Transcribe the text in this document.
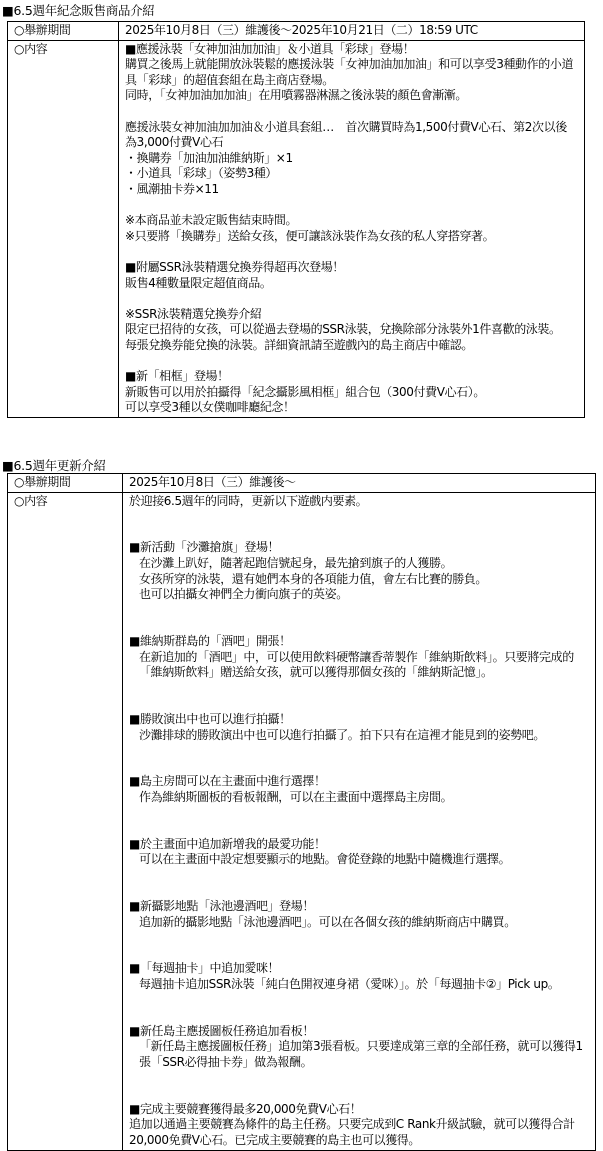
■6.5週年紀念販售商品介紹
○舉辦期間	2025年10月8日（三）維護後～2025年10月21日（二）18:59 UTC
○内容	■應援泳裝「女神加油加加油」＆小道具「彩球」登場！
購買之後馬上就能開放泳裝鬆的應援泳裝「女神加油加加油」和可以享受3種動作的小道具「彩球」的超值套組在島主商店登場。
同時，「女神加油加加油」在用噴霧器淋濕之後泳裝的顏色會漸漸。
應援泳裝女神加油加加油＆小道具套組…　首次購買時為1,500付費V心石、第2次以後為3,000付費V心石
・換購券「加油加油維納斯」×1
・小道具「彩球」（姿勢3種）
・風潮抽卡券×11
※本商品並未設定販售結束時間。
※只要將「換購券」送給女孩，便可讓該泳裝作為女孩的私人穿搭穿著。
■附屬SSR泳裝精選兌換券得超再次登場！
販售4種數量限定超值商品。
※SSR泳裝精選兌換券介紹
限定已招待的女孩，可以從過去登場的SSR泳裝，兌換除部分泳裝外1件喜歡的泳裝。
每張兌換券能兌換的泳裝。詳細資訊請至遊戲內的島主商店中確認。
■新「相框」登場！
新販售可以用於拍攝得「紀念攝影風相框」組合包（300付費V心石）。
可以享受3種以女僕咖啡廳紀念！
■6.5週年更新介紹
○舉辦期間	2025年10月8日（三）維護後～
○内容	於迎接6.5週年的同時，更新以下遊戲内要素。
■新活動「沙灘搶旗」登場！
在沙灘上趴好，隨著起跑信號起身，最先搶到旗子的人獲勝。
女孩所穿的泳裝，還有她們本身的各項能力值，會左右比賽的勝負。
也可以拍攝女神們全力衝向旗子的英姿。
■維納斯群島的「酒吧」開張！
在新追加的「酒吧」中，可以使用飲料硬幣讓香蒂製作「維納斯飲料」。只要將完成的「維納斯飲料」贈送給女孩，就可以獲得那個女孩的「維納斯記憶」。
■勝敗演出中也可以進行拍攝！
沙灘排球的勝敗演出中也可以進行拍攝了。拍下只有在這裡才能見到的姿勢吧。
■島主房間可以在主畫面中進行選擇！
作為維納斯圖板的看板報酬，可以在主畫面中選擇島主房間。
■於主畫面中追加新增我的最愛功能！
可以在主畫面中設定想要顯示的地點。會從登錄的地點中隨機進行選擇。
■新攝影地點「泳池邊酒吧」登場！
追加新的攝影地點「泳池邊酒吧」。可以在各個女孩的維納斯商店中購買。
■「每週抽卡」中追加愛咪！
每週抽卡追加SSR泳裝「純白色開衩連身裙（愛咪）」。於「每週抽卡②」Pick up。
■新任島主應援圖板任務追加看板！
「新任島主應援圖板任務」追加第3張看板。只要達成第三章的全部任務，就可以獲得1張「SSR必得抽卡券」做為報酬。
■完成主要競賽獲得最多20,000免費V心石！
追加以通過主要競賽為條件的島主任務。只要完成到C Rank升級試驗，就可以獲得合計20,000免費V心石。已完成主要競賽的島主也可以獲得。
